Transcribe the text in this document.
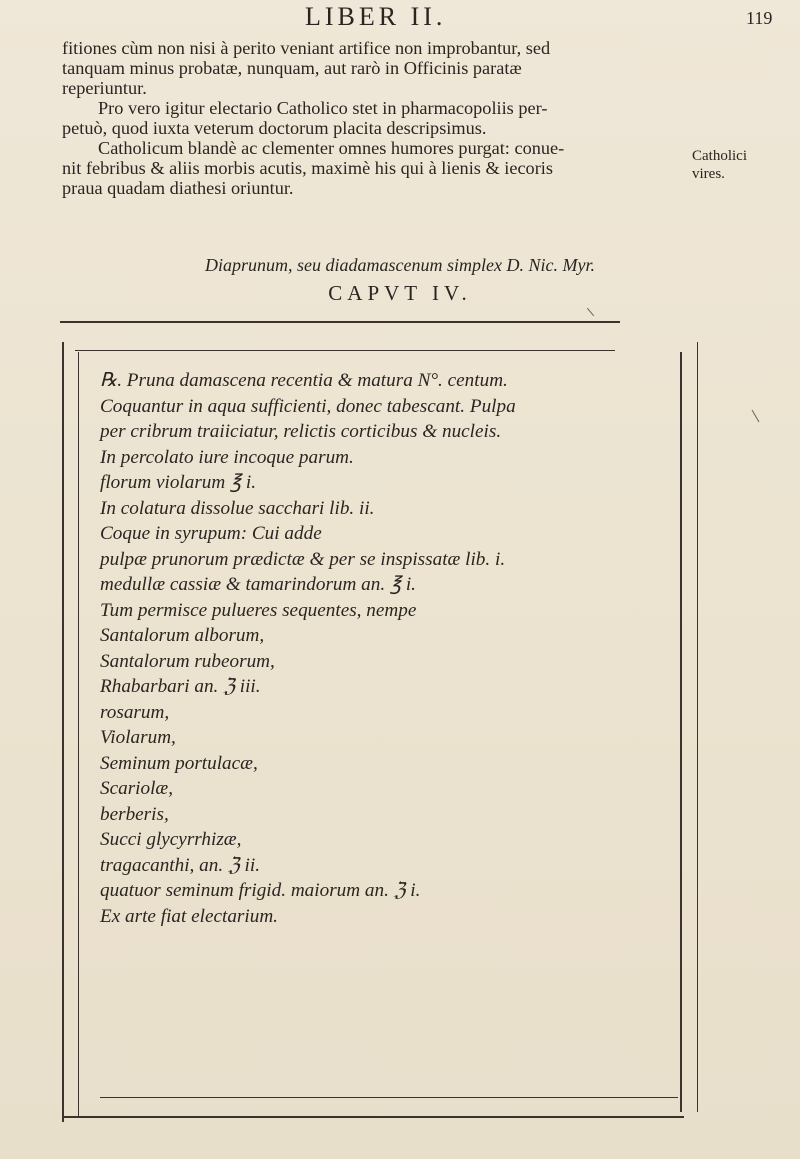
LIBER II.	119

fitiones cùm non nisi à perito veniant artifice non improbantur, sed

tanquam minus probatæ, nunquam, aut rarò in Officinis paratæ

reperiuntur.

Pro vero igitur electario Catholico stet in pharmacopoliis per-

petuò, quod iuxta veterum doctorum placita descripsimus.

Catholicum blandè ac clementer omnes humores purgat: conue-

nit febribus & aliis morbis acutis, maximè his qui à lienis & iecoris

praua quadam diathesi oriuntur.

Catholici vires.
Diaprunum, seu diadamascenum simplex D. Nic. Myr.
CAPVT IV.
℞. Pruna damascena recentia & matura N°. centum.
Coquantur in aqua sufficienti, donec tabescant. Pulpa
per cribrum traiiciatur, relictis corticibus & nucleis.
In percolato iure incoque parum.
florum violarum ℥ i.
In colatura dissolue sacchari lib. ii.
Coque in syrupum: Cui adde
pulpæ prunorum prædictæ & per se inspissatæ lib. i.
medullæ cassiæ & tamarindorum an. ℥ i.
Tum permisce pulueres sequentes, nempe
Santalorum alborum,
Santalorum rubeorum,
Rhabarbari an. ℨ iii.
rosarum,
Violarum,
Seminum portulacæ,
Scariolæ,
berberis,
Succi glycyrrhizæ,
tragacanthi, an. ℨ ii.
quatuor seminum frigid. maiorum an. ℨ i.
Ex arte fiat electarium.
